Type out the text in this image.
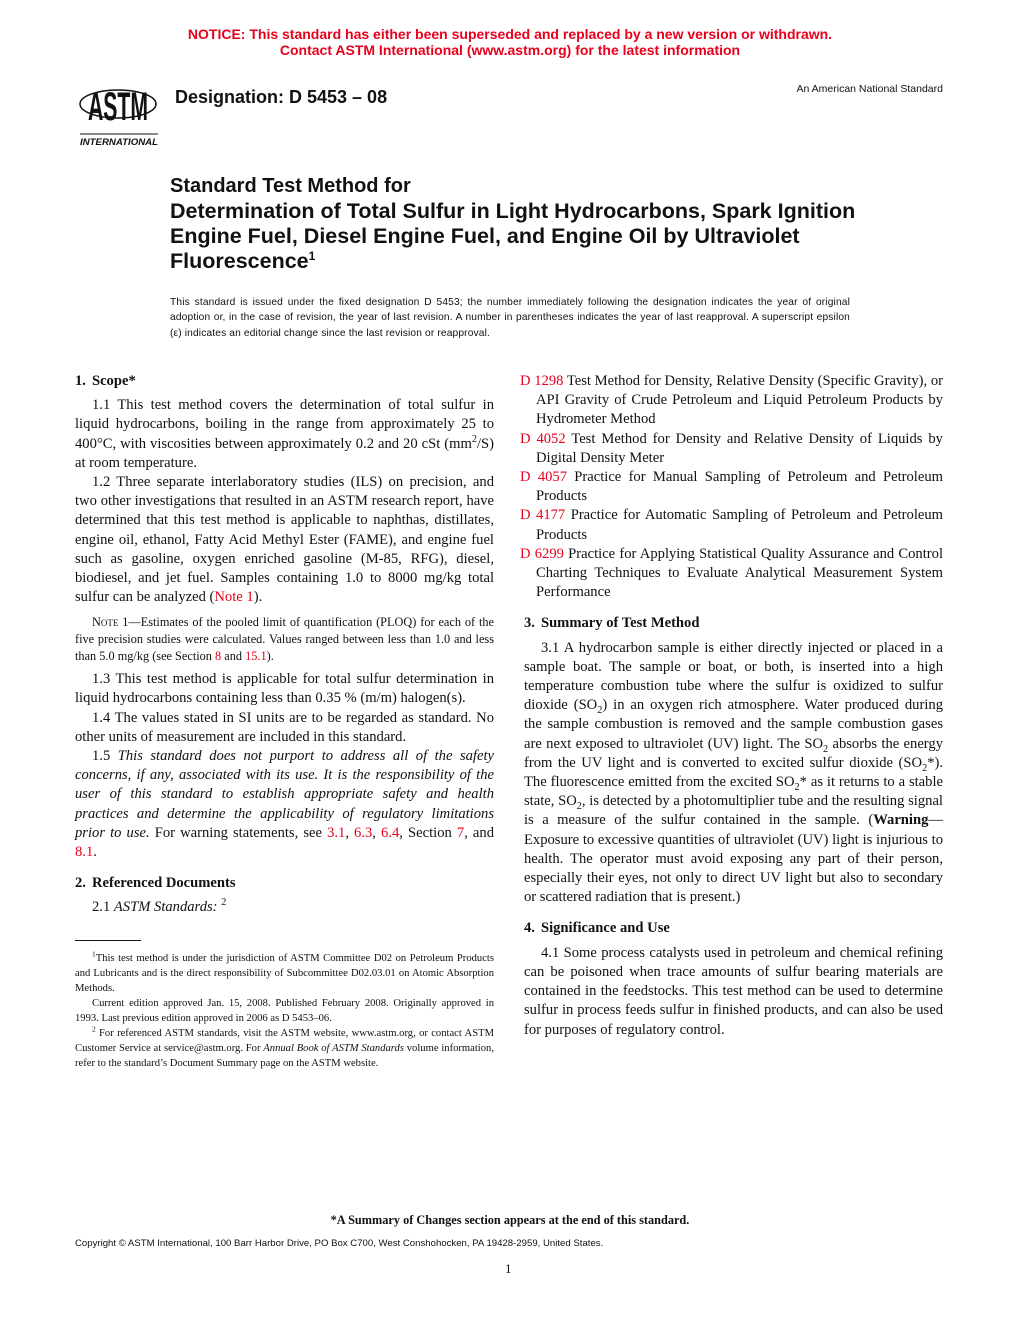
NOTICE: This standard has either been superseded and replaced by a new version or withdrawn.
Contact ASTM International (www.astm.org) for the latest information
ASTM
INTERNATIONAL
Designation: D 5453 – 08	An American National Standard
Standard Test Method for
Determination of Total Sulfur in Light Hydrocarbons, Spark Ignition Engine Fuel, Diesel Engine Fuel, and Engine Oil by Ultraviolet Fluorescence$^1$
This standard is issued under the fixed designation D 5453; the number immediately following the designation indicates the year of original adoption or, in the case of revision, the year of last revision. A number in parentheses indicates the year of last reapproval. A superscript epsilon (ε) indicates an editorial change since the last revision or reapproval.
1. Scope*

1.1 This test method covers the determination of total sulfur in liquid hydrocarbons, boiling in the range from approximately 25 to 400°C, with viscosities between approximately 0.2 and 20 cSt $(mm^2/S)$ at room temperature.

1.2 Three separate interlaboratory studies (ILS) on precision, and two other investigations that resulted in an ASTM research report, have determined that this test method is applicable to naphthas, distillates, engine oil, ethanol, Fatty Acid Methyl Ester (FAME), and engine fuel such as gasoline, oxygen enriched gasoline (M-85, RFG), diesel, biodiesel, and jet fuel. Samples containing 1.0 to 8000 mg/kg total sulfur can be analyzed (Note 1).

Note 1—Estimates of the pooled limit of quantification (PLOQ) for each of the five precision studies were calculated. Values ranged between less than 1.0 and less than 5.0 mg/kg (see Section 8 and 15.1).

1.3 This test method is applicable for total sulfur determination in liquid hydrocarbons containing less than 0.35 % (m/m) halogen(s).

1.4 The values stated in SI units are to be regarded as standard. No other units of measurement are included in this standard.

1.5 This standard does not purport to address all of the safety concerns, if any, associated with its use. It is the responsibility of the user of this standard to establish appropriate safety and health practices and determine the applicability of regulatory limitations prior to use. For warning statements, see 3.1, 6.3, 6.4, Section 7, and 8.1.

2. Referenced Documents

2.1 ASTM Standards: $^2$

$^1$This test method is under the jurisdiction of ASTM Committee D02 on Petroleum Products and Lubricants and is the direct responsibility of Subcommittee D02.03.01 on Atomic Absorption Methods.

Current edition approved Jan. 15, 2008. Published February 2008. Originally approved in 1993. Last previous edition approved in 2006 as D 5453–06.

$^2$ For referenced ASTM standards, visit the ASTM website, www.astm.org, or contact ASTM Customer Service at service@astm.org. For Annual Book of ASTM Standards volume information, refer to the standard’s Document Summary page on the ASTM website.

D 1298 Test Method for Density, Relative Density (Specific Gravity), or API Gravity of Crude Petroleum and Liquid Petroleum Products by Hydrometer Method

D 4052 Test Method for Density and Relative Density of Liquids by Digital Density Meter

D 4057 Practice for Manual Sampling of Petroleum and Petroleum Products

D 4177 Practice for Automatic Sampling of Petroleum and Petroleum Products

D 6299 Practice for Applying Statistical Quality Assurance and Control Charting Techniques to Evaluate Analytical Measurement System Performance

3. Summary of Test Method

3.1 A hydrocarbon sample is either directly injected or placed in a sample boat. The sample or boat, or both, is inserted into a high temperature combustion tube where the sulfur is oxidized to sulfur dioxide $(SO_2)$ in an oxygen rich atmosphere. Water produced during the sample combustion is removed and the sample combustion gases are next exposed to ultraviolet (UV) light. The $SO_2$ absorbs the energy from the UV light and is converted to excited sulfur dioxide $(SO_2*)$. The fluorescence emitted from the excited $SO_2*$ as it returns to a stable state, $SO_2$, is detected by a photomultiplier tube and the resulting signal is a measure of the sulfur contained in the sample. (Warning—Exposure to excessive quantities of ultraviolet (UV) light is injurious to health. The operator must avoid exposing any part of their person, especially their eyes, not only to direct UV light but also to secondary or scattered radiation that is present.)

4. Significance and Use

4.1 Some process catalysts used in petroleum and chemical refining can be poisoned when trace amounts of sulfur bearing materials are contained in the feedstocks. This test method can be used to determine sulfur in process feeds sulfur in finished products, and can also be used for purposes of regulatory control.

*A Summary of Changes section appears at the end of this standard.
Copyright © ASTM International, 100 Barr Harbor Drive, PO Box C700, West Conshohocken, PA 19428-2959, United States.
1
